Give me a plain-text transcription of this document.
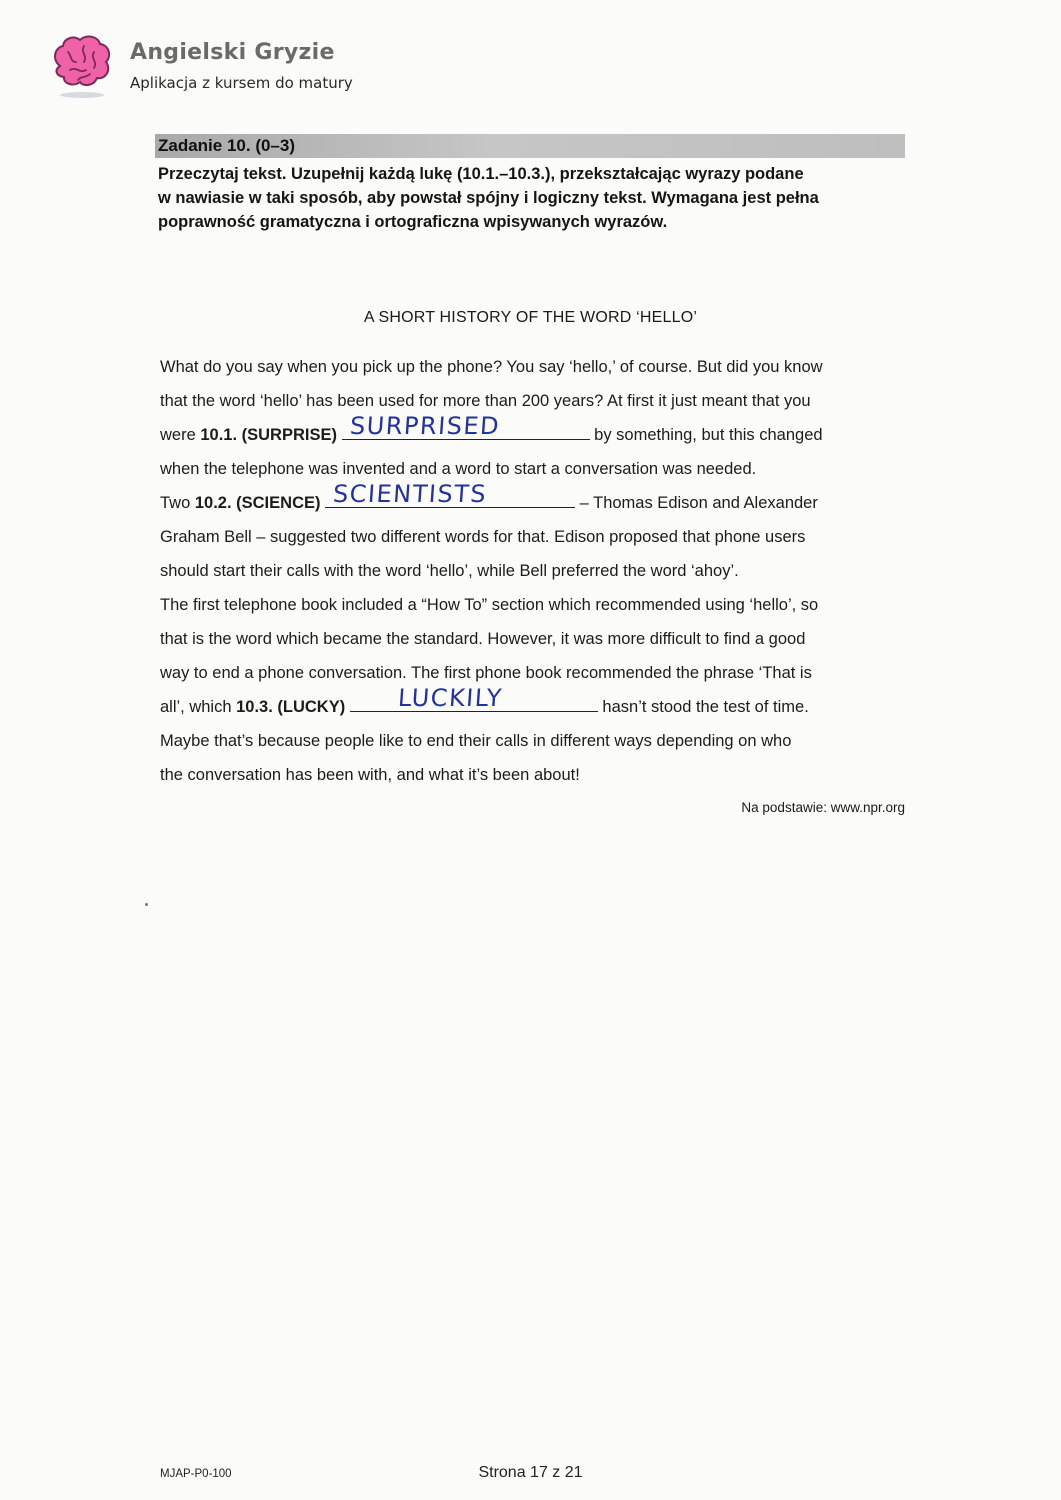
Angielski Gryzie
Aplikacja z kursem do matury
Zadanie 10. (0–3)
Przeczytaj tekst. Uzupełnij każdą lukę (10.1.–10.3.), przekształcając wyrazy podane
w nawiasie w taki sposób, aby powstał spójny i logiczny tekst. Wymagana jest pełna
poprawność gramatyczna i ortograficzna wpisywanych wyrazów.
A SHORT HISTORY OF THE WORD ‘HELLO’
What do you say when you pick up the phone? You say ‘hello,’ of course. But did you know
that the word ‘hello’ has been used for more than 200 years? At first it just meant that you
were 10.1. (SURPRISE) SURPRISED	by something, but this changed
when the telephone was invented and a word to start a conversation was needed.
Two 10.2. (SCIENCE) SCIENTISTS	– Thomas Edison and Alexander
Graham Bell – suggested two different words for that. Edison proposed that phone users
should start their calls with the word ‘hello’, while Bell preferred the word ‘ahoy’.
The first telephone book included a “How To” section which recommended using ‘hello’, so
that is the word which became the standard. However, it was more difficult to find a good
way to end a phone conversation. The first phone book recommended the phrase ‘That is
all’, which 10.3. (LUCKY) LUCKILY	hasn’t stood the test of time.
Maybe that’s because people like to end their calls in different ways depending on who
the conversation has been with, and what it’s been about!
Na podstawie: www.npr.org
MJAP-P0-100	Strona 17 z 21
